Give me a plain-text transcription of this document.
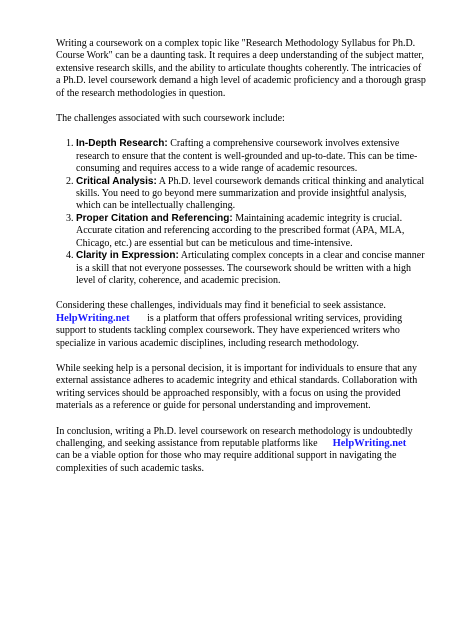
Writing a coursework on a complex topic like "Research Methodology Syllabus for Ph.D. Course Work" can be a daunting task. It requires a deep understanding of the subject matter, extensive research skills, and the ability to articulate thoughts coherently. The intricacies of a Ph.D. level coursework demand a high level of academic proficiency and a thorough grasp of the research methodologies in question.

The challenges associated with such coursework include:

1. In-Depth Research: Crafting a comprehensive coursework involves extensive research to ensure that the content is well-grounded and up-to-date. This can be time-consuming and requires access to a wide range of academic resources.
2. Critical Analysis: A Ph.D. level coursework demands critical thinking and analytical skills. You need to go beyond mere summarization and provide insightful analysis, which can be intellectually challenging.
3. Proper Citation and Referencing: Maintaining academic integrity is crucial. Accurate citation and referencing according to the prescribed format (APA, MLA, Chicago, etc.) are essential but can be meticulous and time-intensive.
4. Clarity in Expression: Articulating complex concepts in a clear and concise manner is a skill that not everyone possesses. The coursework should be written with a high level of clarity, coherence, and academic precision.

Considering these challenges, individuals may find it beneficial to seek assistance.
HelpWriting.net       is a platform that offers professional writing services, providing support to students tackling complex coursework. They have experienced writers who specialize in various academic disciplines, including research methodology.

While seeking help is a personal decision, it is important for individuals to ensure that any external assistance adheres to academic integrity and ethical standards. Collaboration with writing services should be approached responsibly, with a focus on using the provided materials as a reference or guide for personal understanding and improvement.

In conclusion, writing a Ph.D. level coursework on research methodology is undoubtedly challenging, and seeking assistance from reputable platforms like      HelpWriting.net      can be a viable option for those who may require additional support in navigating the complexities of such academic tasks.
